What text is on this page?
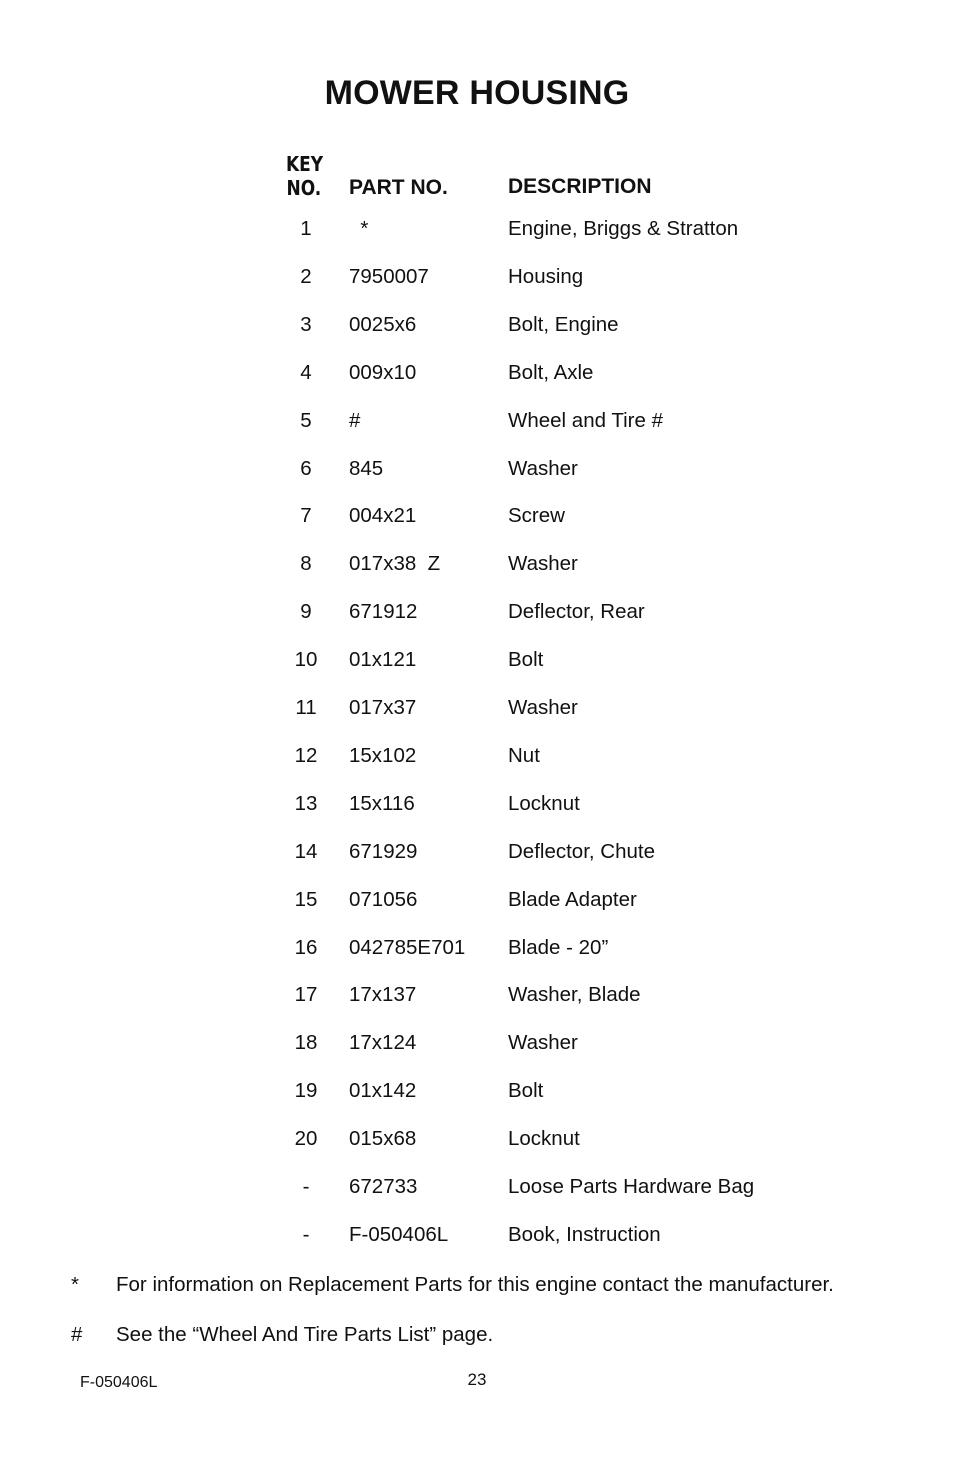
MOWER HOUSING
KEY
NO. PART NO.	DESCRIPTION
1	*	Engine, Briggs & Stratton
2	7950007	Housing
3	0025x6	Bolt, Engine
4	009x10	Bolt, Axle
5	#	Wheel and Tire #
6	845	Washer
7	004x21	Screw
8	017x38  Z	Washer
9	671912	Deflector, Rear
10	01x121	Bolt
11	017x37	Washer
12	15x102	Nut
13	15x116	Locknut
14	671929	Deflector, Chute
15	071056	Blade Adapter
16	042785E701 Blade - 20”
17	17x137	Washer, Blade
18	17x124	Washer
19	01x142	Bolt
20	015x68	Locknut
-	672733	Loose Parts Hardware Bag
-	F-050406L	Book, Instruction
* For information on Replacement Parts for this engine contact the manufacturer.
# See the “Wheel And Tire Parts List” page.
F-050406L	23
